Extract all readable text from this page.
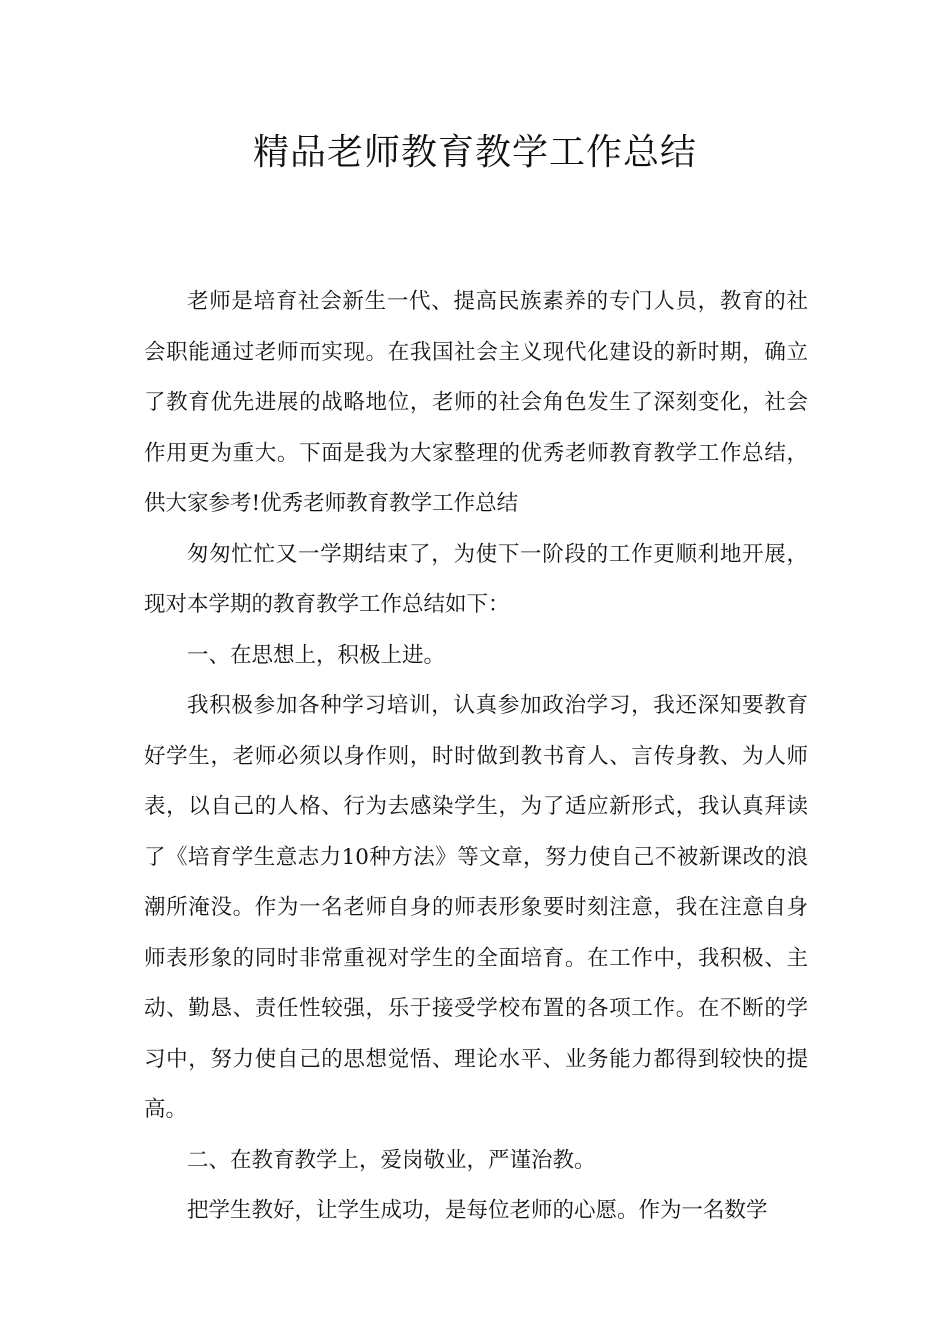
精品老师教育教学工作总结

老师是培育社会新生一代、提高民族素养的专门人员，教育的社会职能通过老师而实现。在我国社会主义现代化建设的新时期，确立了教育优先进展的战略地位，老师的社会角色发生了深刻变化，社会作用更为重大。下面是我为大家整理的优秀老师教育教学工作总结，供大家参考!优秀老师教育教学工作总结

匆匆忙忙又一学期结束了，为使下一阶段的工作更顺利地开展，现对本学期的教育教学工作总结如下：

一、在思想上，积极上进。

我积极参加各种学习培训，认真参加政治学习，我还深知要教育好学生，老师必须以身作则，时时做到教书育人、言传身教、为人师表，以自己的人格、行为去感染学生，为了适应新形式，我认真拜读了《培育学生意志力10种方法》等文章，努力使自己不被新课改的浪潮所淹没。作为一名老师自身的师表形象要时刻注意，我在注意自身师表形象的同时非常重视对学生的全面培育。在工作中，我积极、主动、勤恳、责任性较强，乐于接受学校布置的各项工作。在不断的学习中，努力使自己的思想觉悟、理论水平、业务能力都得到较快的提高。

二、在教育教学上，爱岗敬业，严谨治教。

把学生教好，让学生成功，是每位老师的心愿。作为一名数学
